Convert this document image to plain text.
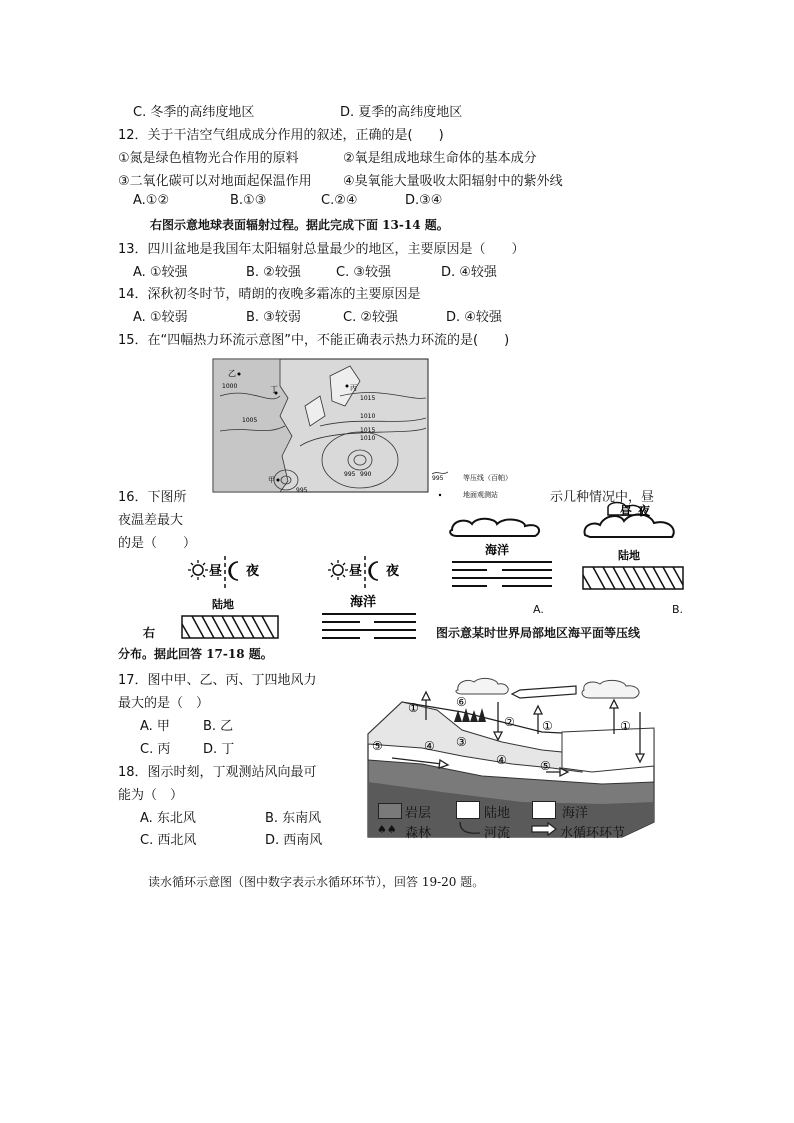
C. 冬季的高纬度地区	D. 夏季的高纬度地区
12．关于干洁空气组成成分作用的叙述，正确的是(　　)
①氮是绿色植物光合作用的原料	②氧是组成地球生命体的基本成分
③二氧化碳可以对地面起保温作用 ④臭氧能大量吸收太阳辐射中的紫外线
A.①②	B.①③	C.②④	D.③④
右图示意地球表面辐射过程。据此完成下面 13-14 题。
13．四川盆地是我国年太阳辐射总量最少的地区，主要原因是（　　）
A. ①较强	B. ②较强	C. ③较强	D. ④较强
14．深秋初冬时节，晴朗的夜晚多霜冻的主要原因是
A. ①较弱	B. ③较弱	C. ②较强	D. ④较强
15．在“四幅热力环流示意图”中，不能正确表示热力环流的是(　　)
乙
丁	丙
甲
1000
1005
1015
1010
1015
1010
995
995 990
995	等压线（百帕）
地面观测站
16．下图所	示几种情况中，昼
夜温差最大
的是（　　）	海洋
A.
昼 夜
陆地
B.
昼 夜
陆地
昼 夜
海洋
右	图示意某时世界局部地区海平面等压线
分布。据此回答 17-18 题。
17．图中甲、乙、丙、丁四地风力
最大的是（　）
A. 甲	B. 乙
C. 丙	D. 丁
18．图示时刻，丁观测站风向最可
能为（　）
A. 东北风	B. 东南风
C. 西北风	D. 西南风
①
② ①	①
⑥
③
④
⑤
④	⑤
岩层	陆地	海洋
♠♠ 森林	河流	水循环环节
读水循环示意图（图中数字表示水循环环节），回答 19-20 题。
